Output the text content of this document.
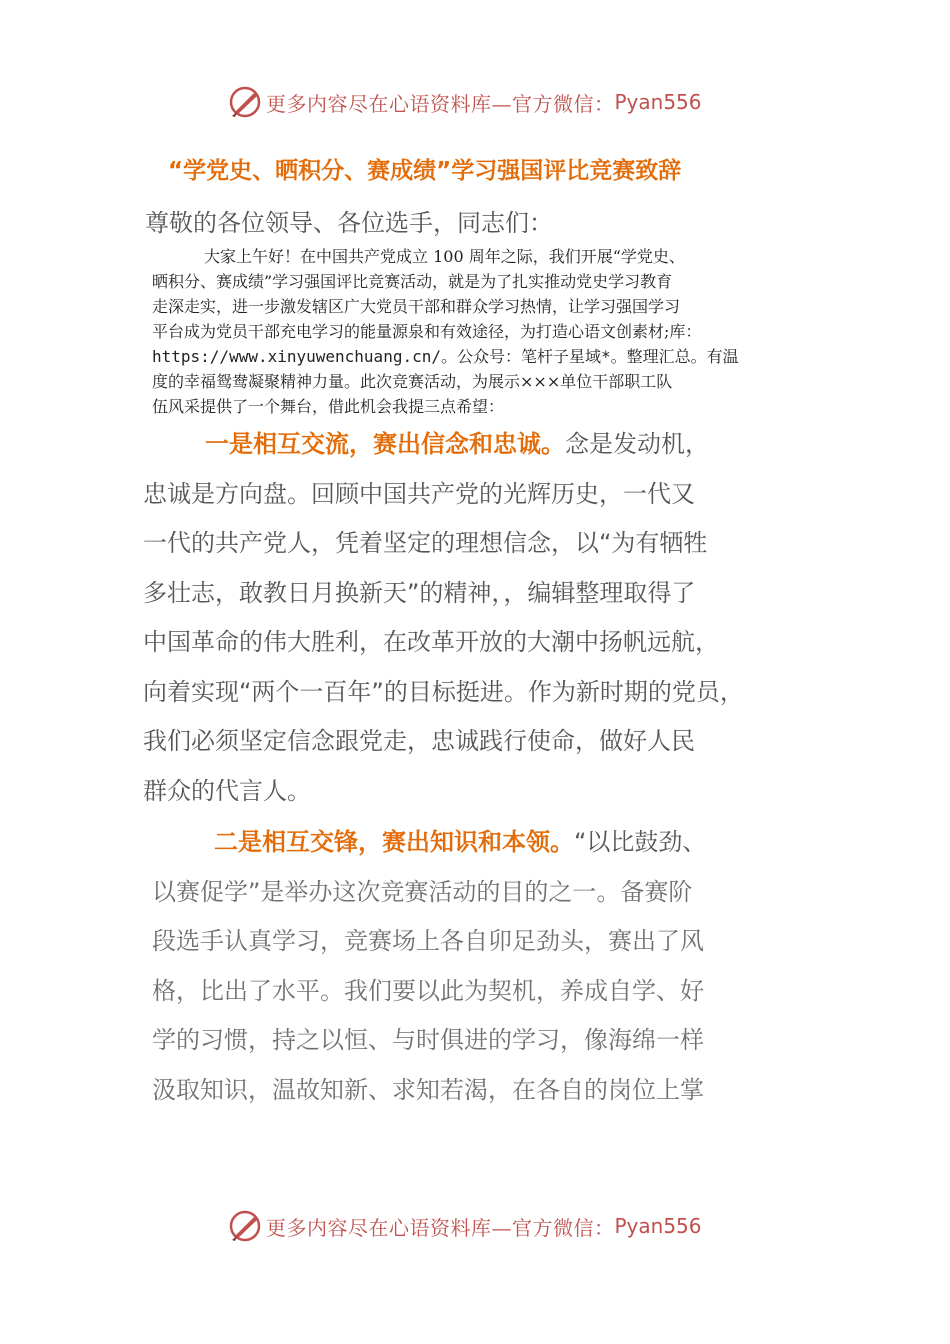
更多内容尽在心语资料库—官方微信： Pyan556
“学党史、晒积分、赛成绩”学习强国评比竞赛致辞
尊敬的各位领导、各位选手，同志们：
大家上午好！在中国共产党成立 100 周年之际，我们开展“学党史、
晒积分、赛成绩”学习强国评比竞赛活动，就是为了扎实推动党史学习教育
走深走实，进一步激发辖区广大党员干部和群众学习热情，让学习强国学习
平台成为党员干部充电学习的能量源泉和有效途径，为打造心语文创素材;库：
https://www.xinyuwenchuang.cn/。公众号：笔杆子星域*。整理汇总。有温
度的幸福鸳鸯凝聚精神力量。此次竞赛活动，为展示×××单位干部职工队
伍风采提供了一个舞台，借此机会我提三点希望：
一是相互交流，赛出信念和忠诚。念是发动机，
忠诚是方向盘。回顾中国共产党的光辉历史，一代又
一代的共产党人，凭着坚定的理想信念，以“为有牺牲
多壮志，敢教日月换新天”的精神，，编辑整理取得了
中国革命的伟大胜利，在改革开放的大潮中扬帆远航，
向着实现“两个一百年”的目标挺进。作为新时期的党员，
我们必须坚定信念跟党走，忠诚践行使命，做好人民
群众的代言人。
二是相互交锋，赛出知识和本领。“以比鼓劲、
以赛促学”是举办这次竞赛活动的目的之一。备赛阶
段选手认真学习，竞赛场上各自卯足劲头，赛出了风
格，比出了水平。我们要以此为契机，养成自学、好
学的习惯，持之以恒、与时俱进的学习，像海绵一样
汲取知识，温故知新、求知若渴，在各自的岗位上掌
更多内容尽在心语资料库—官方微信： Pyan556
